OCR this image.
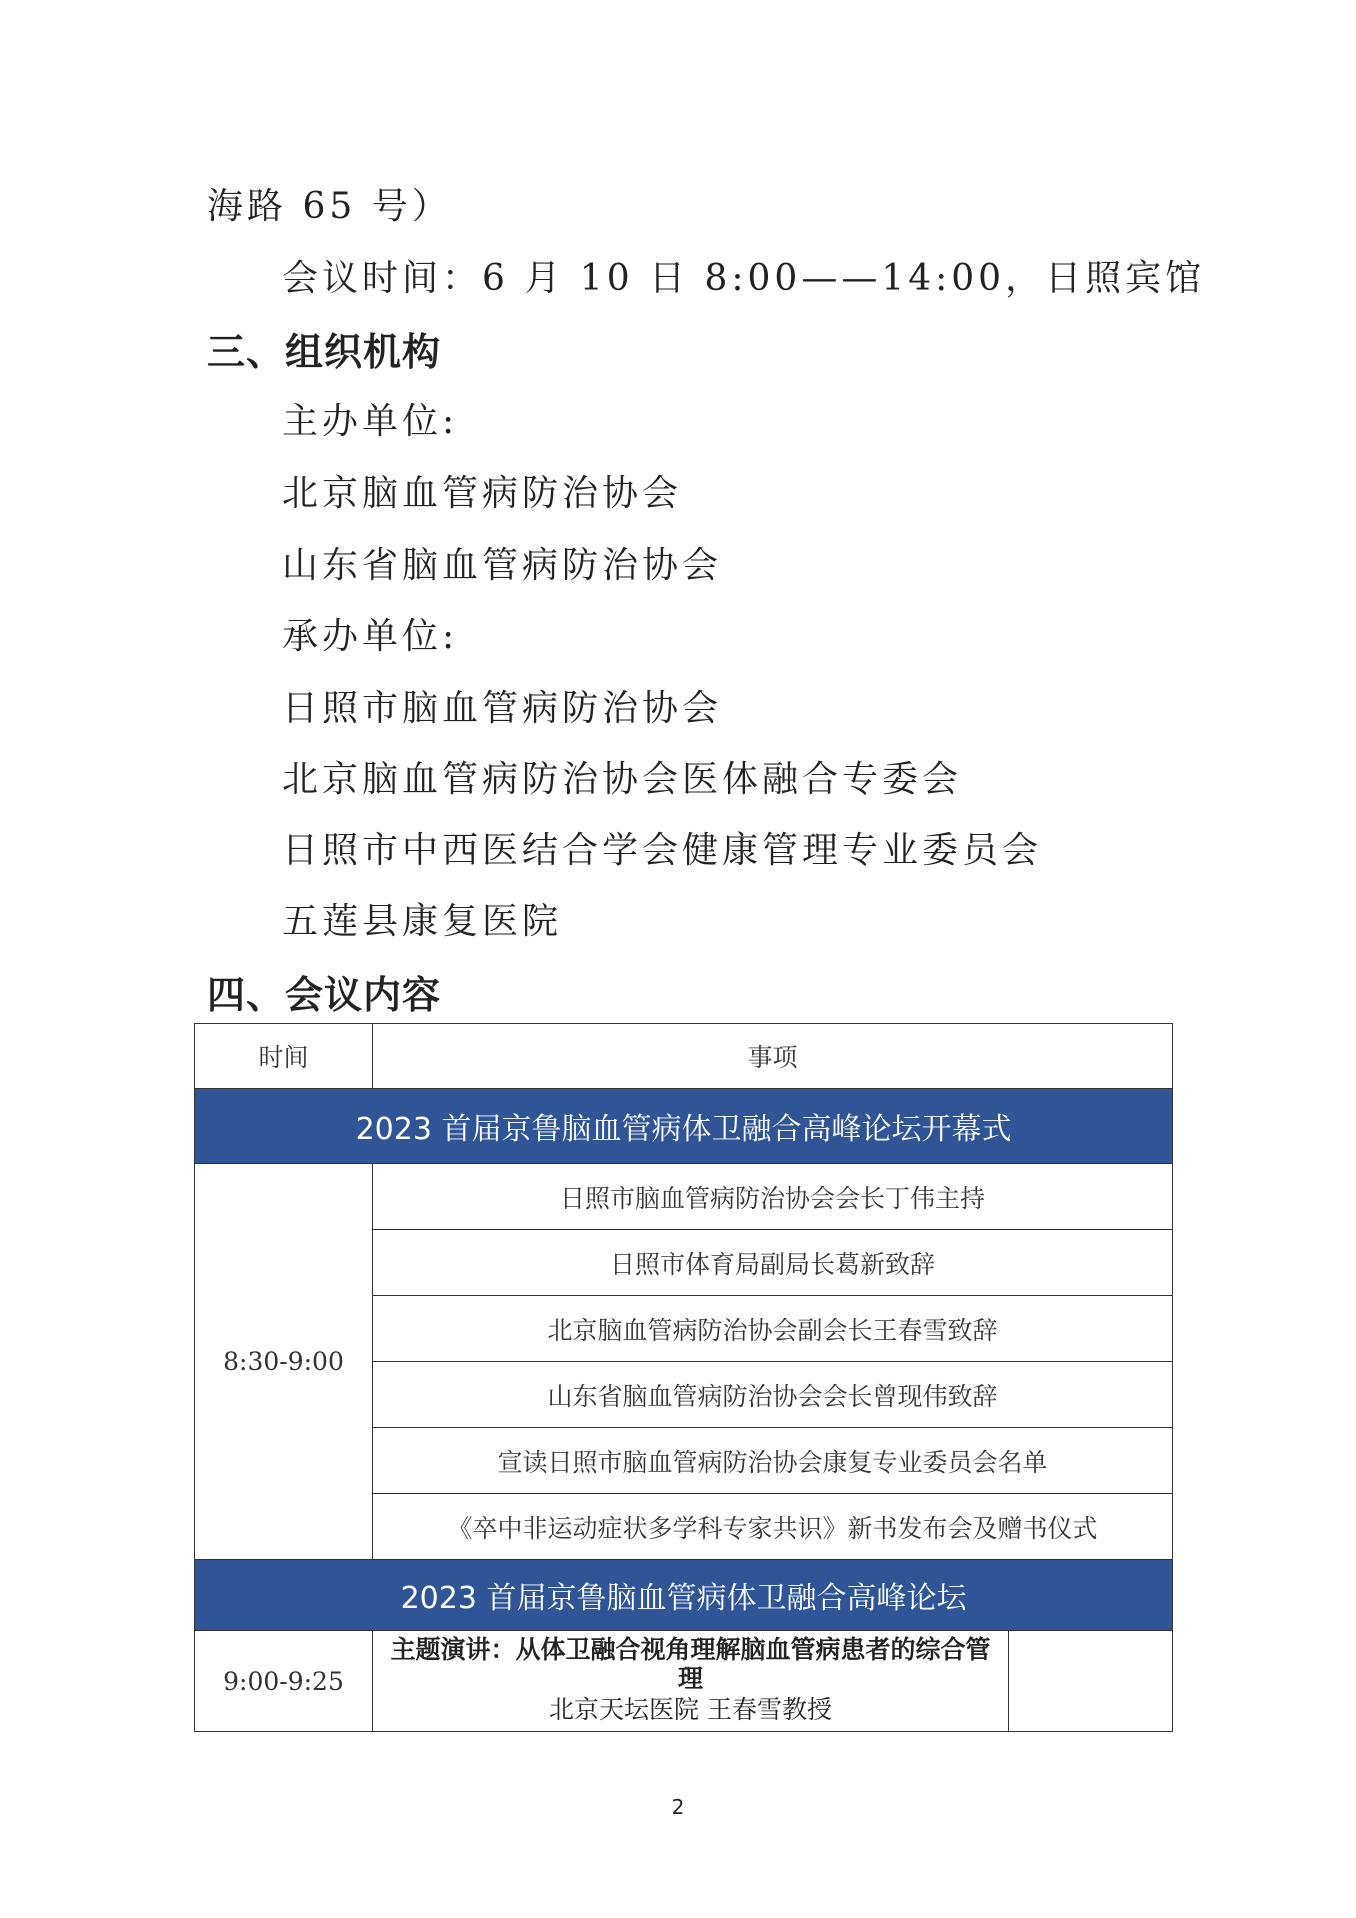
海路 65 号）
会议时间：6 月 10 日 8:00——14:00，日照宾馆
三、组织机构
主办单位:
北京脑血管病防治协会
山东省脑血管病防治协会
承办单位:
日照市脑血管病防治协会
北京脑血管病防治协会医体融合专委会
日照市中西医结合学会健康管理专业委员会
五莲县康复医院
四、会议内容
时间	事项	
2023 首届京鲁脑血管病体卫融合高峰论坛开幕式		
8:30-9:00	日照市脑血管病防治协会会长丁伟主持	
	日照市体育局副局长葛新致辞	
	北京脑血管病防治协会副会长王春雪致辞	
	山东省脑血管病防治协会会长曾现伟致辞	
	宣读日照市脑血管病防治协会康复专业委员会名单	
	《卒中非运动症状多学科专家共识》新书发布会及赠书仪式	
2023 首届京鲁脑血管病体卫融合高峰论坛		
9:00-9:25	主题演讲：从体卫融合视角理解脑血管病患者的综合管理
北京天坛医院 王春雪教授	

2
